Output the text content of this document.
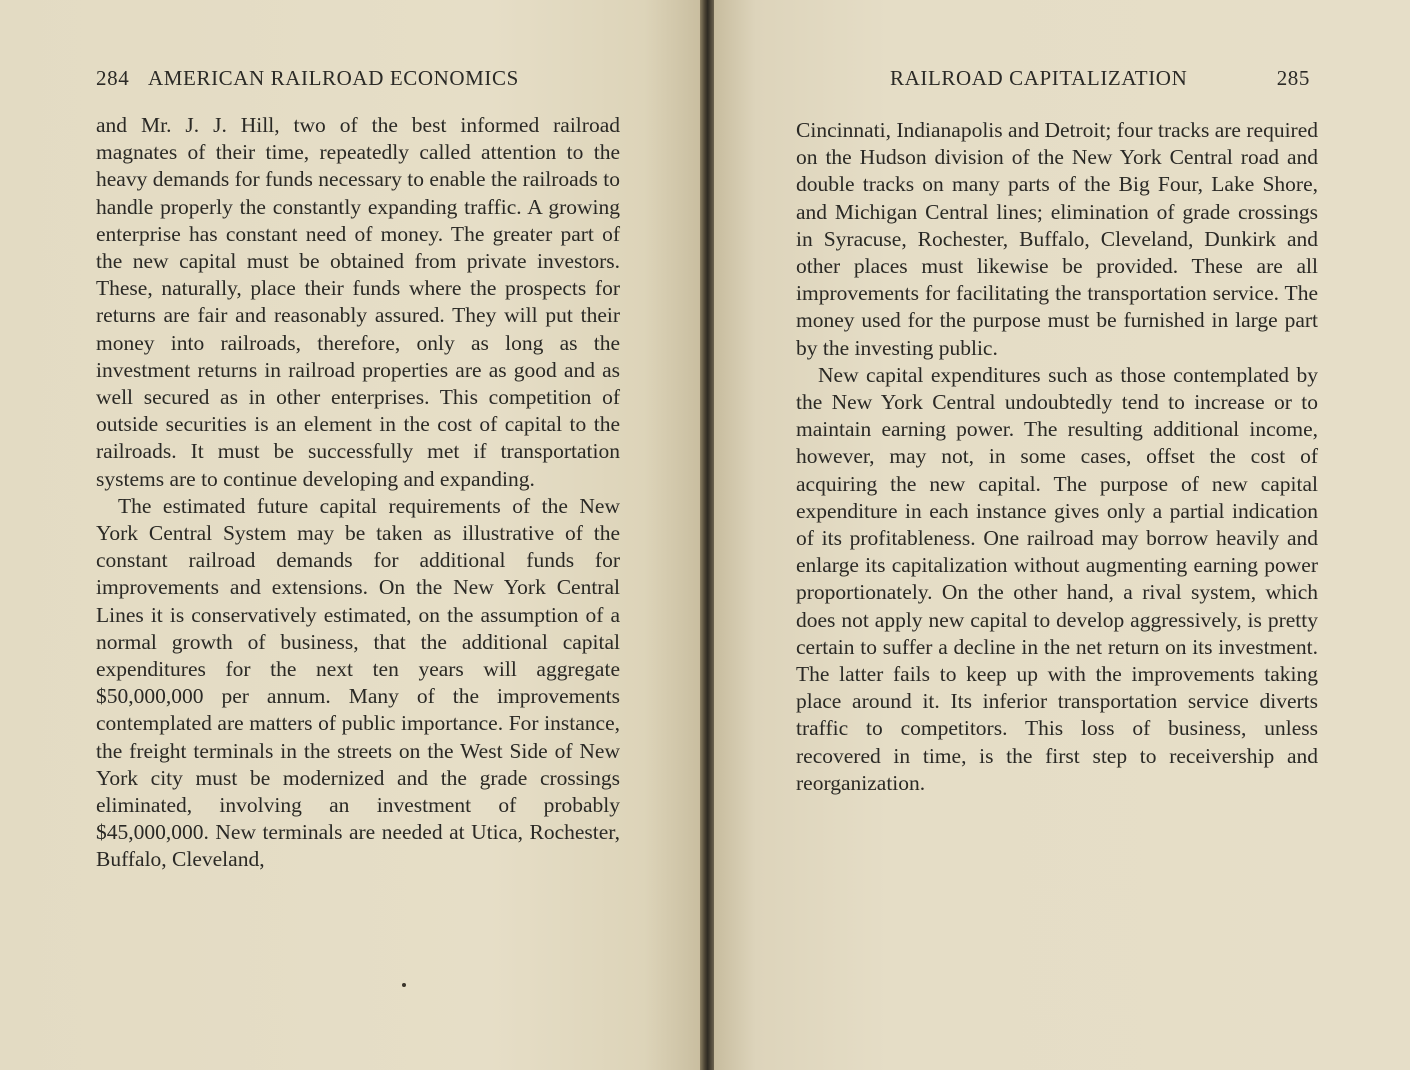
284 AMERICAN RAILROAD ECONOMICS

and Mr. J. J. Hill, two of the best informed railroad magnates of their time, repeatedly called attention to the heavy demands for funds necessary to enable the railroads to handle properly the constantly expanding traffic. A growing enterprise has constant need of money. The greater part of the new capital must be obtained from private investors. These, naturally, place their funds where the prospects for returns are fair and reasonably assured. They will put their money into railroads, therefore, only as long as the investment returns in railroad properties are as good and as well secured as in other enterprises. This competition of outside securities is an element in the cost of capital to the railroads. It must be successfully met if transportation systems are to continue developing and expanding.

The estimated future capital requirements of the New York Central System may be taken as illustrative of the constant railroad demands for additional funds for improvements and extensions. On the New York Central Lines it is conservatively estimated, on the assumption of a normal growth of business, that the additional capital expenditures for the next ten years will aggregate $50,000,000 per annum. Many of the improvements contemplated are matters of public importance. For instance, the freight terminals in the streets on the West Side of New York city must be modernized and the grade crossings eliminated, involving an investment of probably $45,000,000. New terminals are needed at Utica, Rochester, Buffalo, Cleveland,

RAILROAD CAPITALIZATION	285

Cincinnati, Indianapolis and Detroit; four tracks are required on the Hudson division of the New York Central road and double tracks on many parts of the Big Four, Lake Shore, and Michigan Central lines; elimination of grade crossings in Syracuse, Rochester, Buffalo, Cleveland, Dunkirk and other places must likewise be provided. These are all improvements for facilitating the transportation service. The money used for the purpose must be furnished in large part by the investing public.

New capital expenditures such as those contemplated by the New York Central undoubtedly tend to increase or to maintain earning power. The resulting additional income, however, may not, in some cases, offset the cost of acquiring the new capital. The purpose of new capital expenditure in each instance gives only a partial indication of its profitableness. One railroad may borrow heavily and enlarge its capitalization without augmenting earning power proportionately. On the other hand, a rival system, which does not apply new capital to develop aggressively, is pretty certain to suffer a decline in the net return on its investment. The latter fails to keep up with the improvements taking place around it. Its inferior transportation service diverts traffic to competitors. This loss of business, unless recovered in time, is the first step to receivership and reorganization.
